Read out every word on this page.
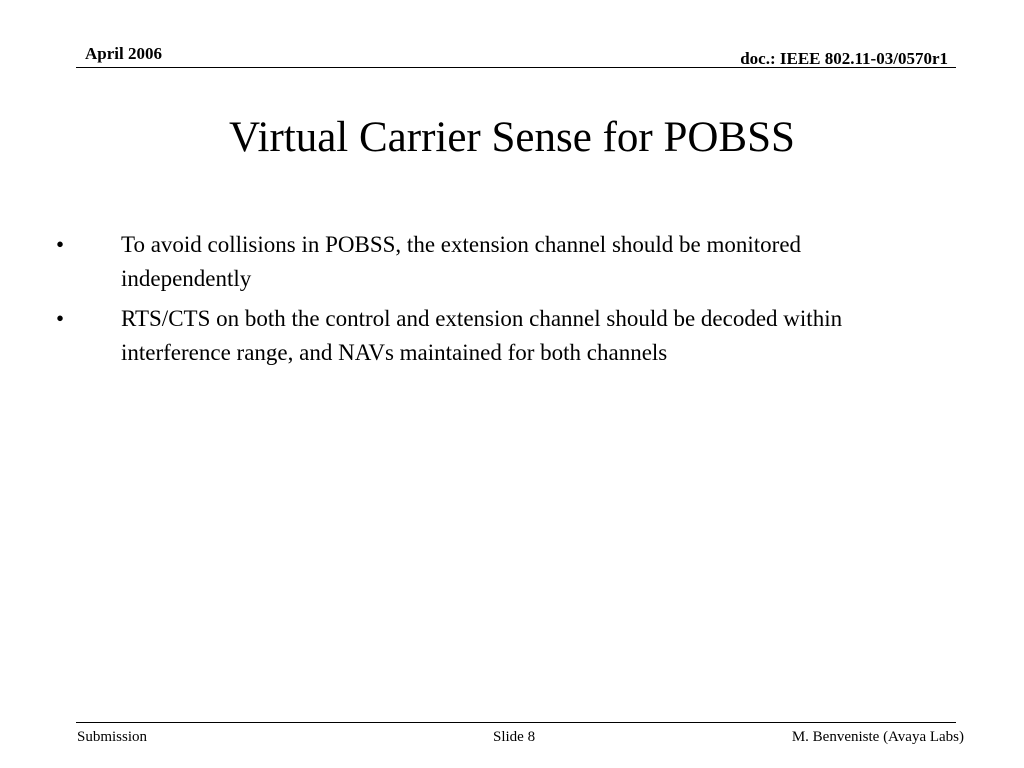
April 2006	doc.: IEEE 802.11-03/0570r1
Virtual Carrier Sense for POBSS
• To avoid collisions in POBSS, the extension channel should be monitored independently
• RTS/CTS on both the control and extension channel should be decoded within interference range, and NAVs maintained for both channels
Submission	Slide 8	M. Benveniste (Avaya Labs)
